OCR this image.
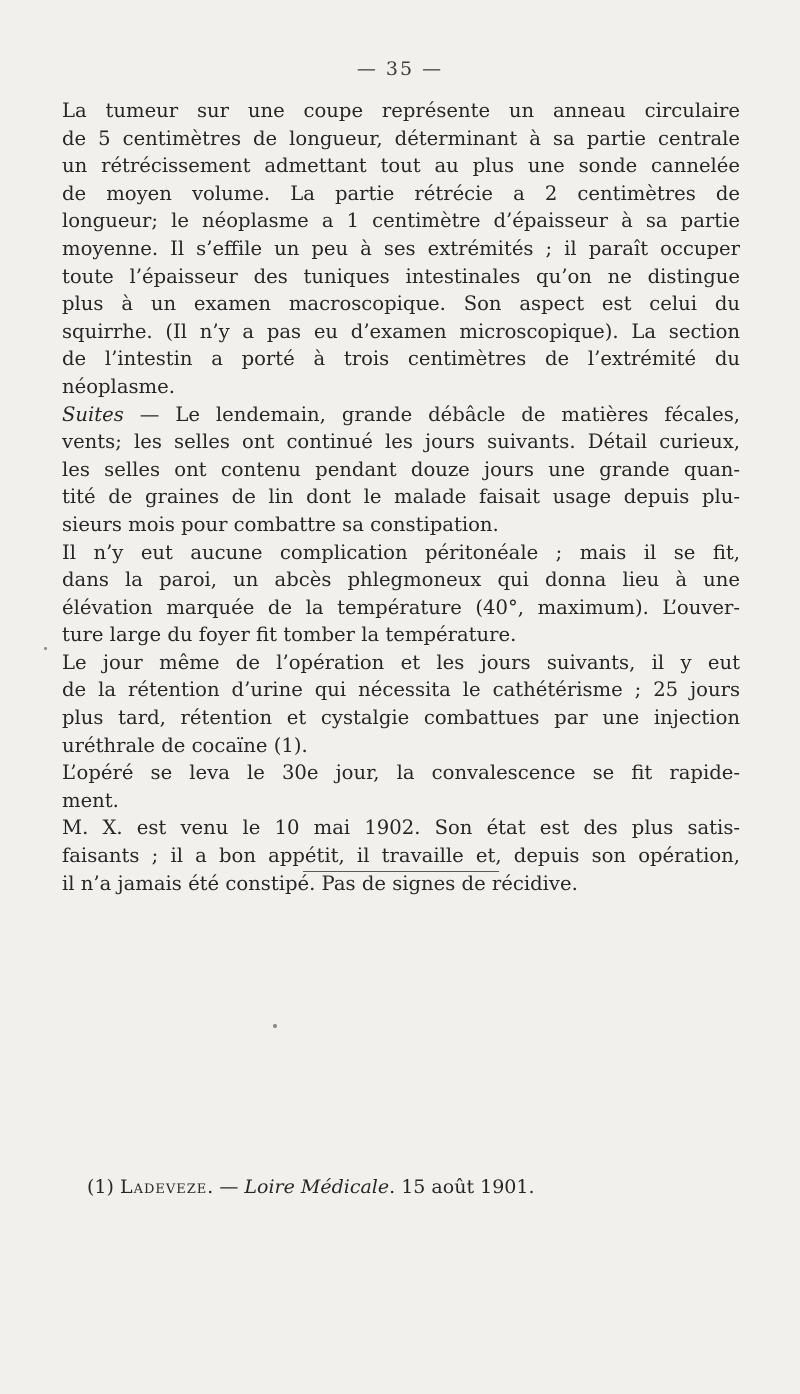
— 35 —
La tumeur sur une coupe représente un anneau circulaire
de 5 centimètres de longueur, déterminant à sa partie centrale
un rétrécissement admettant tout au plus une sonde cannelée
de moyen volume. La partie rétrécie a 2 centimètres de
longueur; le néoplasme a 1 centimètre d’épaisseur à sa partie
moyenne. Il s’effile un peu à ses extrémités ; il paraît occuper
toute l’épaisseur des tuniques intestinales qu’on ne distingue
plus à un examen macroscopique. Son aspect est celui du
squirrhe. (Il n’y a pas eu d’examen microscopique). La section
de l’intestin a porté à trois centimètres de l’extrémité du
néoplasme.
Suites — Le lendemain, grande débâcle de matières fécales,
vents; les selles ont continué les jours suivants. Détail curieux,
les selles ont contenu pendant douze jours une grande quan-
tité de graines de lin dont le malade faisait usage depuis plu-
sieurs mois pour combattre sa constipation.
Il n’y eut aucune complication péritonéale ; mais il se fit,
dans la paroi, un abcès phlegmoneux qui donna lieu à une
élévation marquée de la température (40°, maximum). L’ouver-
ture large du foyer fit tomber la température.
Le jour même de l’opération et les jours suivants, il y eut
de la rétention d’urine qui nécessita le cathétérisme ; 25 jours
plus tard, rétention et cystalgie combattues par une injection
uréthrale de cocaïne (1).
L’opéré se leva le 30e jour, la convalescence se fit rapide-
ment.
M. X. est venu le 10 mai 1902. Son état est des plus satis-
faisants ; il a bon appétit, il travaille et, depuis son opération,
il n’a jamais été constipé. Pas de signes de récidive.
(1) Ladeveze. — Loire Médicale. 15 août 1901.
